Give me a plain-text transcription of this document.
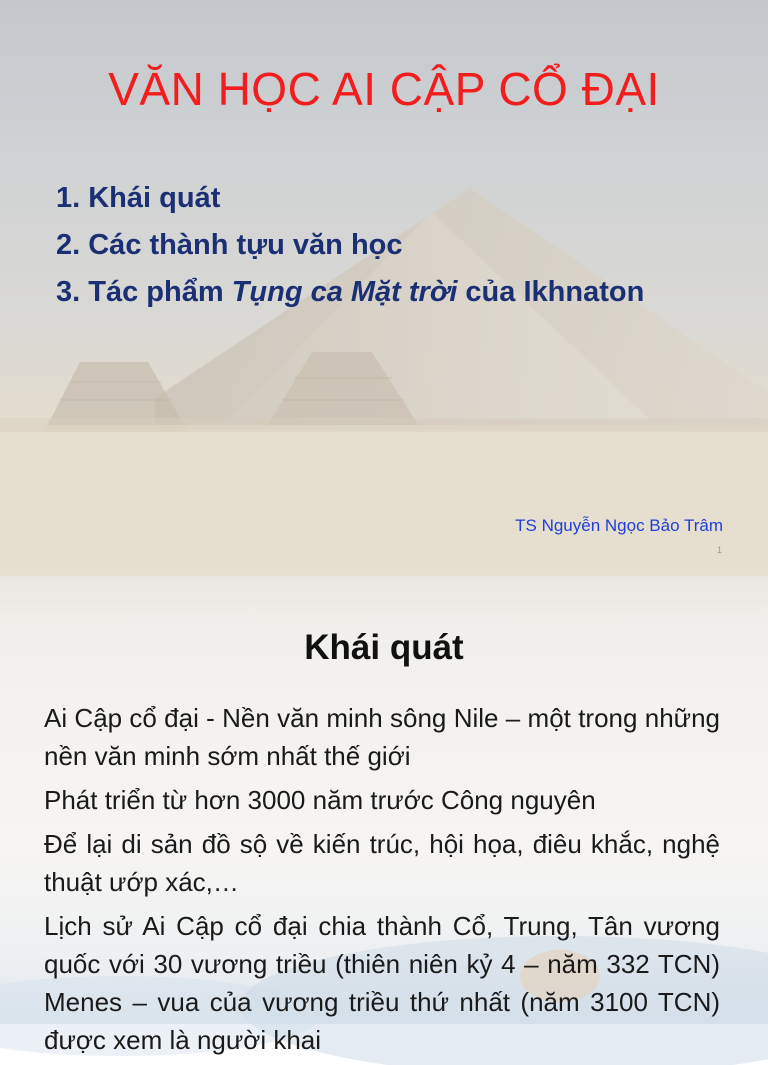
VĂN HỌC AI CẬP CỔ ĐẠI
1. Khái quát
2. Các thành tựu văn học
3. Tác phẩm Tụng ca Mặt trời của Ikhnaton
TS Nguyễn Ngọc Bảo Trâm
1
Khái quát

Ai Cập cổ đại - Nền văn minh sông Nile – một trong những nền văn minh sớm nhất thế giới

Phát triển từ hơn 3000 năm trước Công nguyên

Để lại di sản đồ sộ về kiến trúc, hội họa, điêu khắc, nghệ thuật ướp xác,…

Lịch sử Ai Cập cổ đại chia thành Cổ, Trung, Tân vương quốc với 30 vương triều (thiên niên kỷ 4 – năm 332 TCN) Menes – vua của vương triều thứ nhất (năm 3100 TCN) được xem là người khai
